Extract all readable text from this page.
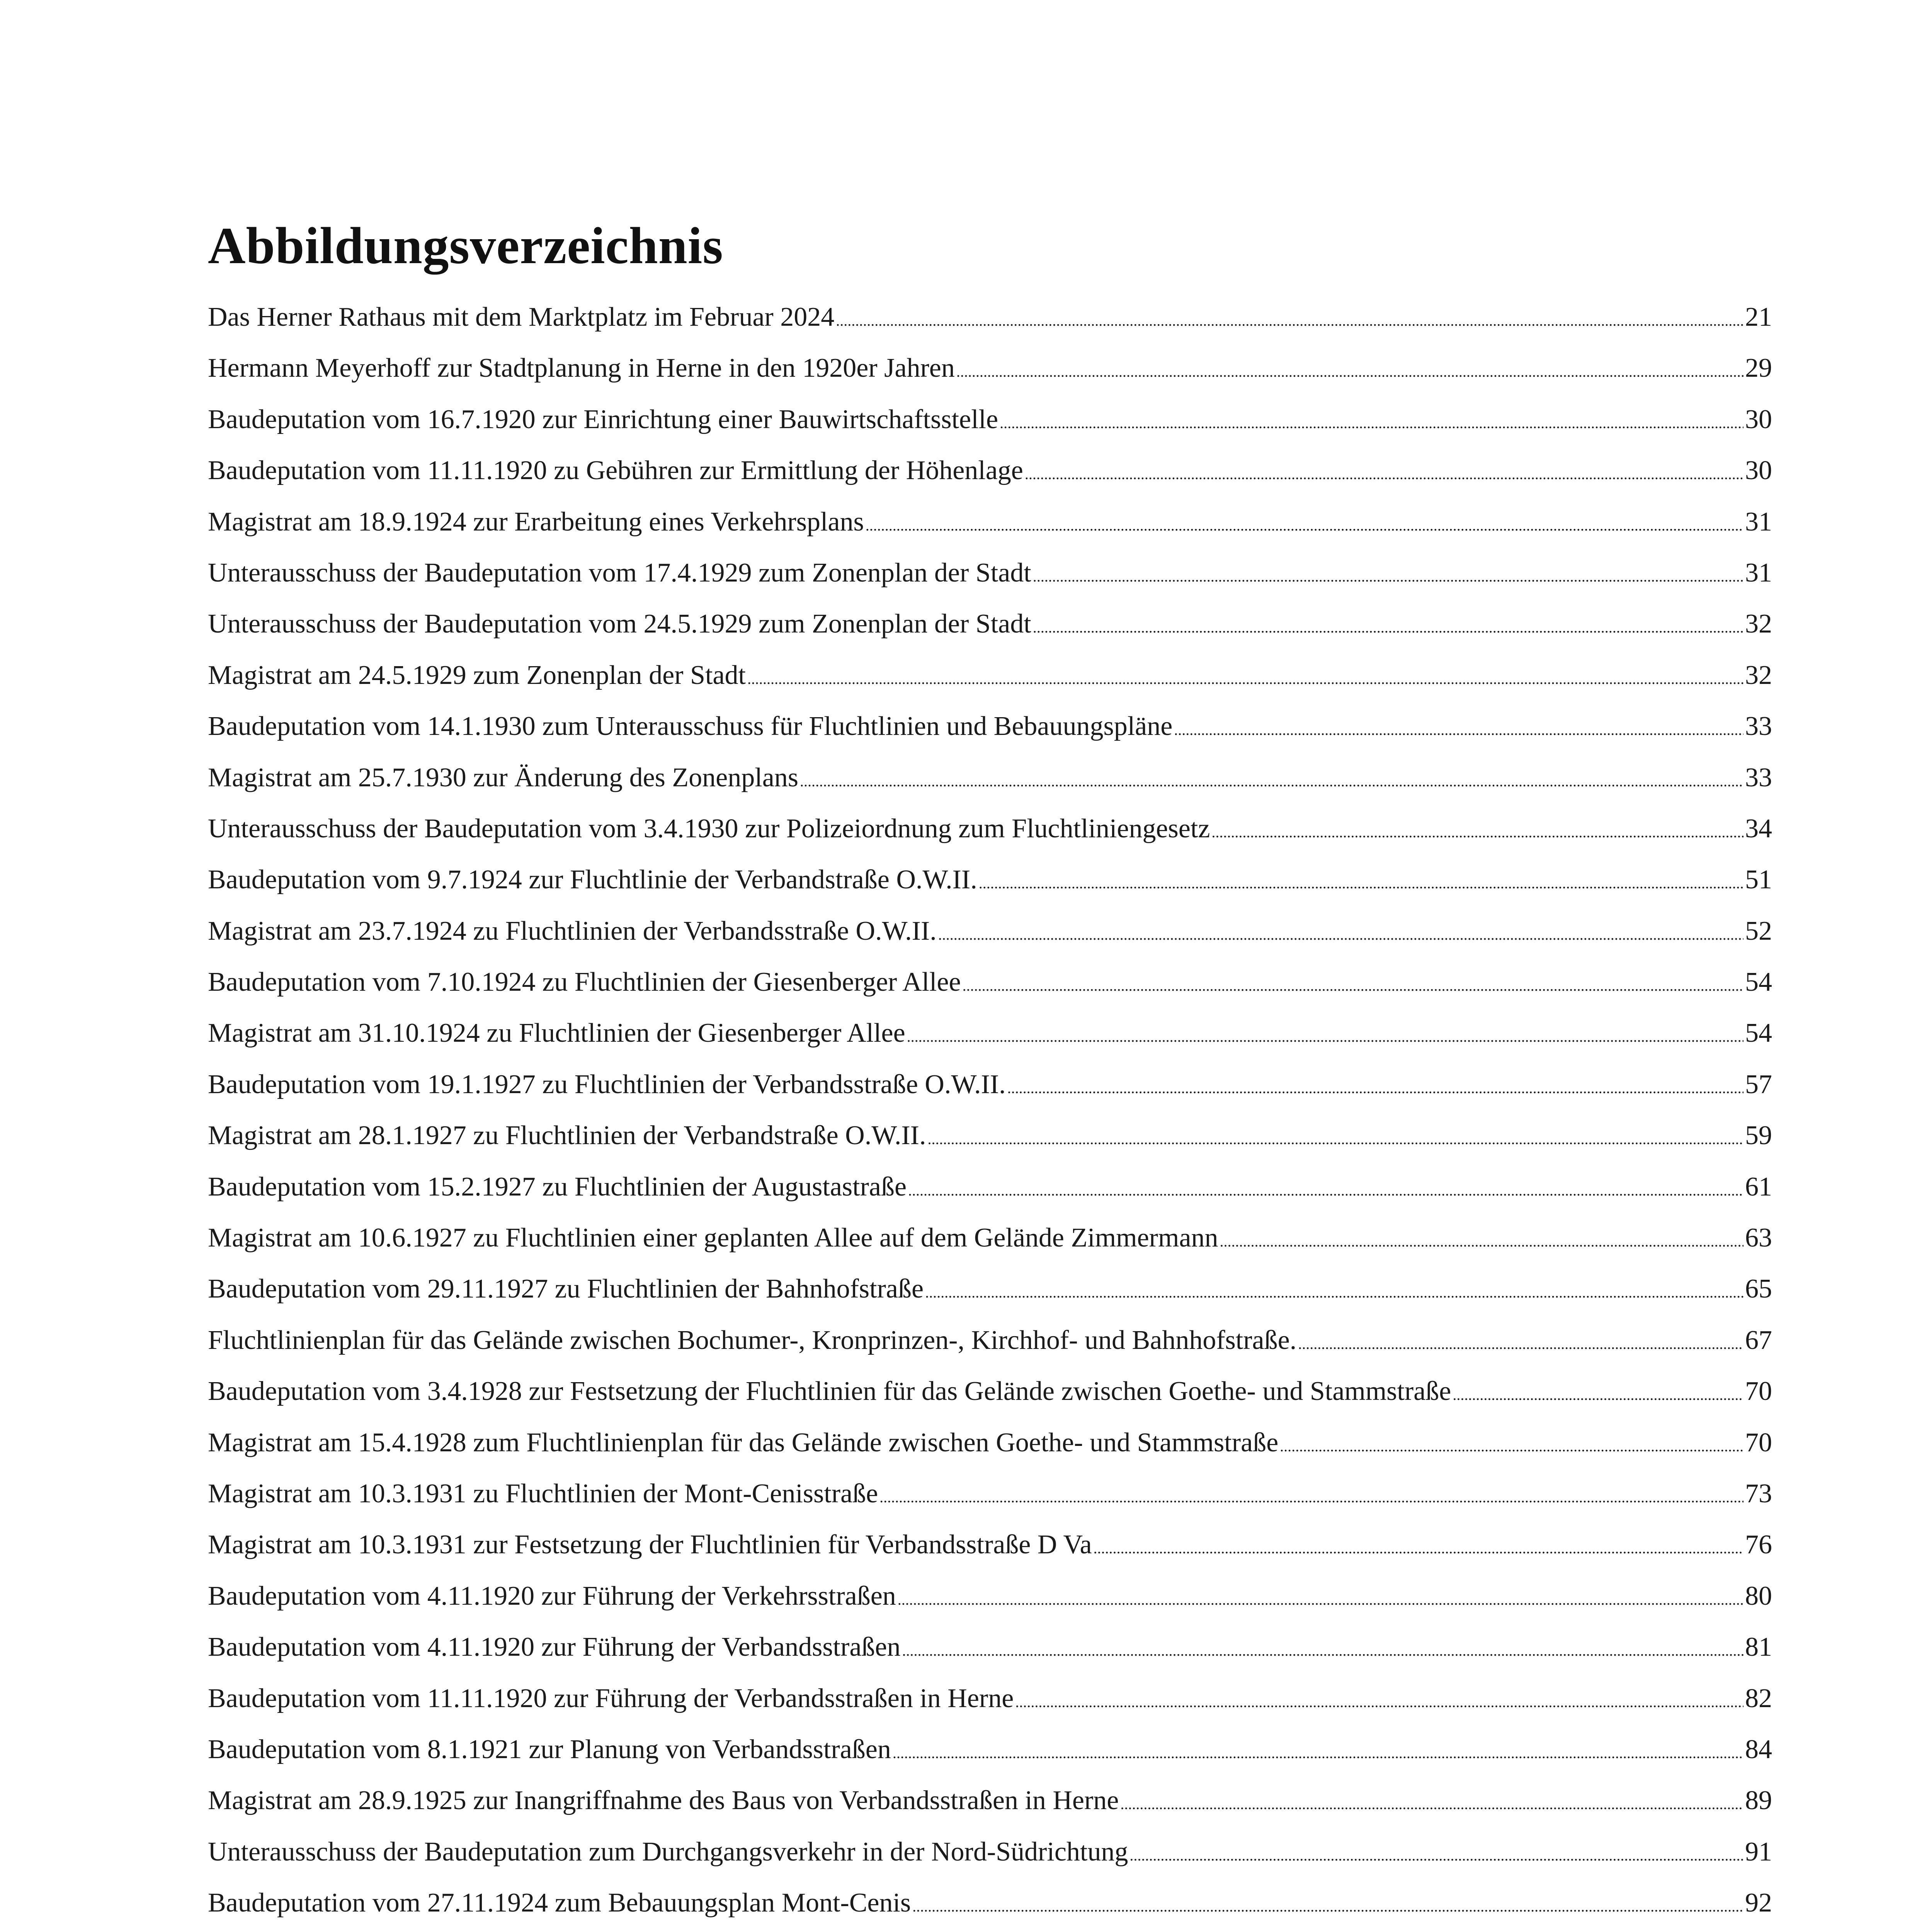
Abbildungsverzeichnis
Das Herner Rathaus mit dem Marktplatz im Februar 2024 .....	21
Hermann Meyerhoff zur Stadtplanung in Herne in den 1920er Jahren .....	29
Baudeputation vom 16.7.1920 zur Einrichtung einer Bauwirtschaftsstelle .....	30
Baudeputation vom 11.11.1920 zu Gebühren zur Ermittlung der Höhenlage .....	30
Magistrat am 18.9.1924 zur Erarbeitung eines Verkehrsplans .....	31
Unterausschuss der Baudeputation vom 17.4.1929 zum Zonenplan der Stadt .....	31
Unterausschuss der Baudeputation vom 24.5.1929 zum Zonenplan der Stadt .....	32
Magistrat am 24.5.1929 zum Zonenplan der Stadt .....	32
Baudeputation vom 14.1.1930 zum Unterausschuss für Fluchtlinien und Bebauungspläne .....	33
Magistrat am 25.7.1930 zur Änderung des Zonenplans .....	33
Unterausschuss der Baudeputation vom 3.4.1930 zur Polizeiordnung zum Fluchtliniengesetz .....	34
Baudeputation vom 9.7.1924 zur Fluchtlinie der Verbandstraße O.W.II. .....	51
Magistrat am 23.7.1924 zu Fluchtlinien der Verbandsstraße O.W.II. .....	52
Baudeputation vom 7.10.1924 zu Fluchtlinien der Giesenberger Allee .....	54
Magistrat am 31.10.1924 zu Fluchtlinien der Giesenberger Allee .....	54
Baudeputation vom 19.1.1927 zu Fluchtlinien der Verbandsstraße O.W.II. .....	57
Magistrat am 28.1.1927 zu Fluchtlinien der Verbandstraße O.W.II. .....	59
Baudeputation vom 15.2.1927 zu Fluchtlinien der Augustastraße .....	61
Magistrat am 10.6.1927 zu Fluchtlinien einer geplanten Allee auf dem Gelände Zimmermann .....	63
Baudeputation vom 29.11.1927 zu Fluchtlinien der Bahnhofstraße .....	65
Fluchtlinienplan für das Gelände zwischen Bochumer-, Kronprinzen-, Kirchhof- und Bahnhofstraße. .....	67
Baudeputation vom 3.4.1928 zur Festsetzung der Fluchtlinien für das Gelände zwischen Goethe- und Stammstraße .....	70
Magistrat am 15.4.1928 zum Fluchtlinienplan für das Gelände zwischen Goethe- und Stammstraße .....	70
Magistrat am 10.3.1931 zu Fluchtlinien der Mont-Cenisstraße .....	73
Magistrat am 10.3.1931 zur Festsetzung der Fluchtlinien für Verbandsstraße D Va .....	76
Baudeputation vom 4.11.1920 zur Führung der Verkehrsstraßen .....	80
Baudeputation vom 4.11.1920 zur Führung der Verbandsstraßen .....	81
Baudeputation vom 11.11.1920 zur Führung der Verbandsstraßen in Herne .....	82
Baudeputation vom 8.1.1921 zur Planung von Verbandsstraßen .....	84
Magistrat am 28.9.1925 zur Inangriffnahme des Baus von Verbandsstraßen in Herne .....	89
Unterausschuss der Baudeputation zum Durchgangsverkehr in der Nord-Südrichtung .....	91
Baudeputation vom 27.11.1924 zum Bebauungsplan Mont-Cenis .....	92
